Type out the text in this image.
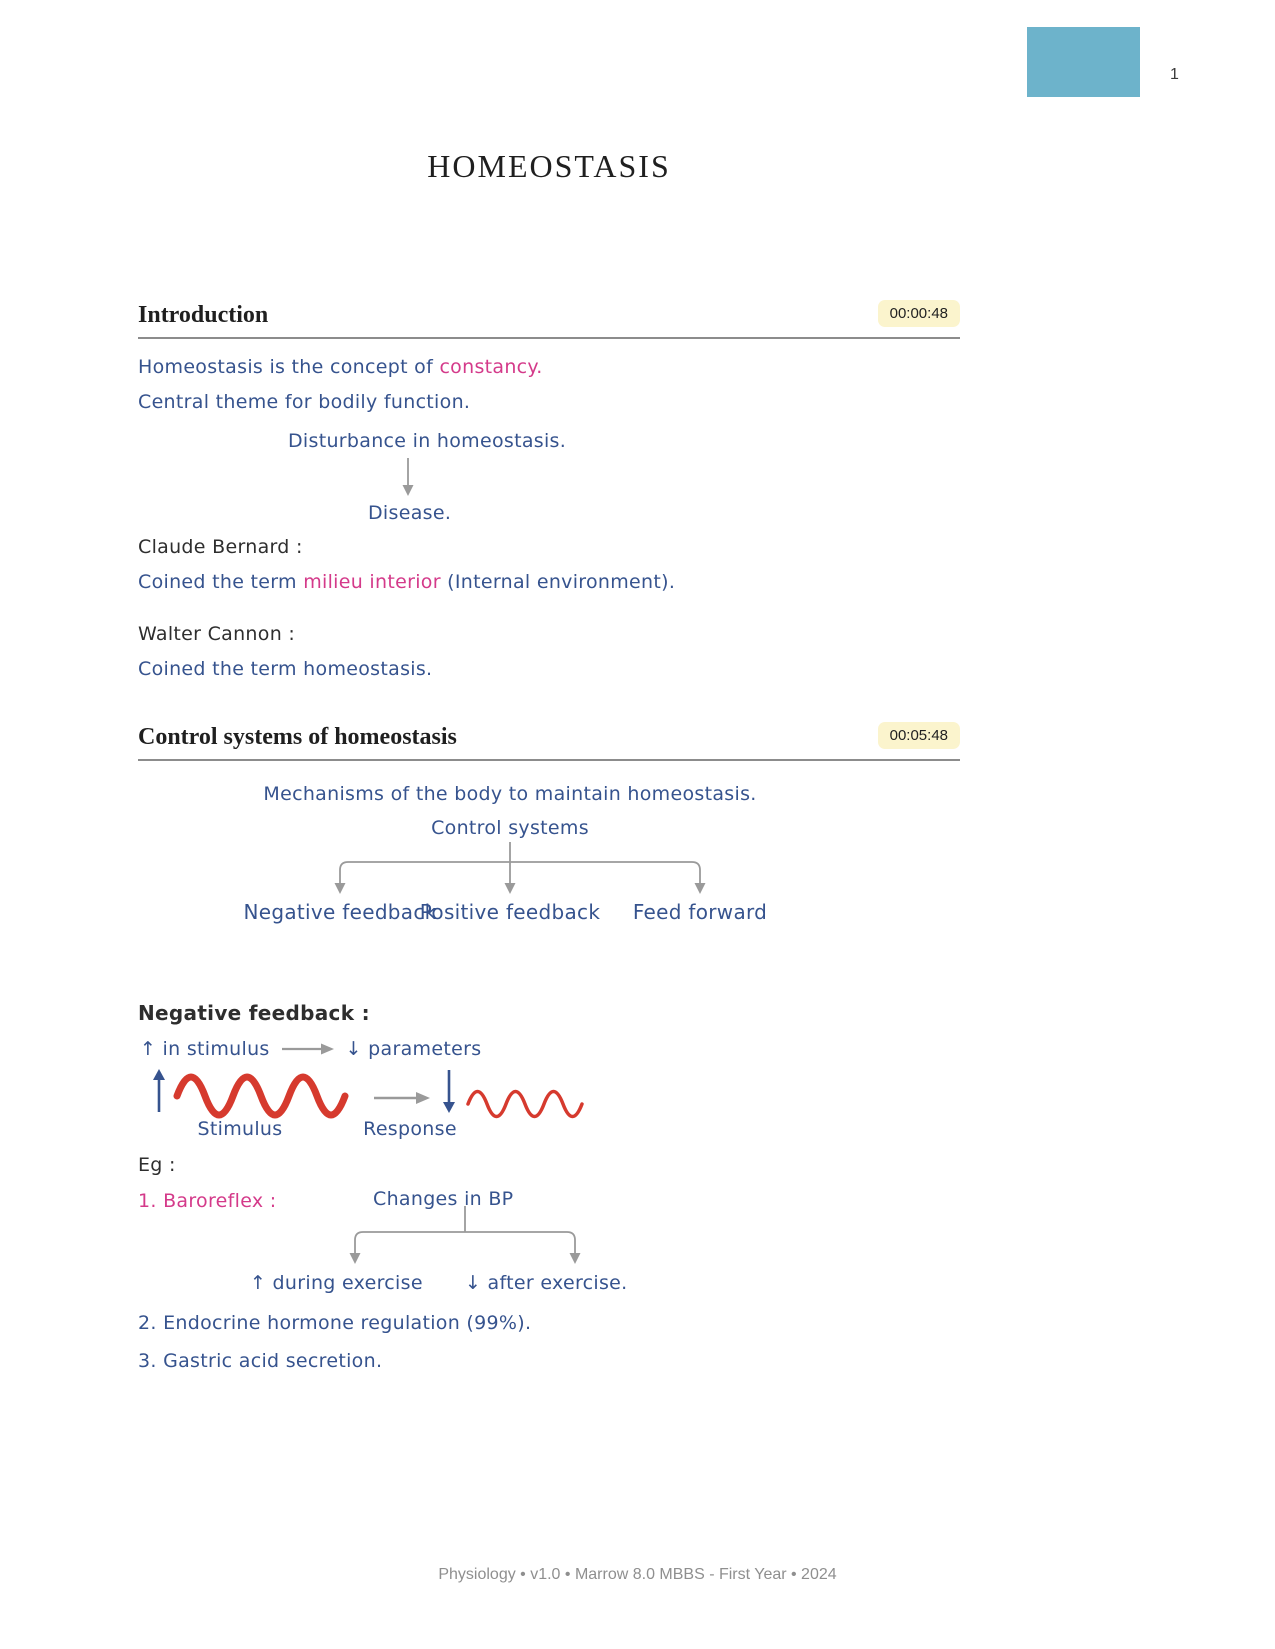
1
HOMEOSTASIS
Introduction	00:00:48
Homeostasis is the concept of constancy.
Central theme for bodily function.
Disturbance in homeostasis.
Disease.
Claude Bernard :
Coined the term milieu interior (Internal environment).
Walter Cannon :
Coined the term homeostasis.
Control systems of homeostasis	00:05:48
Mechanisms of the body to maintain homeostasis.
Control systems
Negative feedback
Positive feedback Feed forward
Negative feedback :
↑ in stimulus	↓ parameters
Stimulus	Response
Eg :
1. Baroreflex :	Changes in BP
↑ during exercise ↓ after exercise.
2. Endocrine hormone regulation (99%).
3. Gastric acid secretion.
Physiology • v1.0 • Marrow 8.0 MBBS - First Year • 2024
